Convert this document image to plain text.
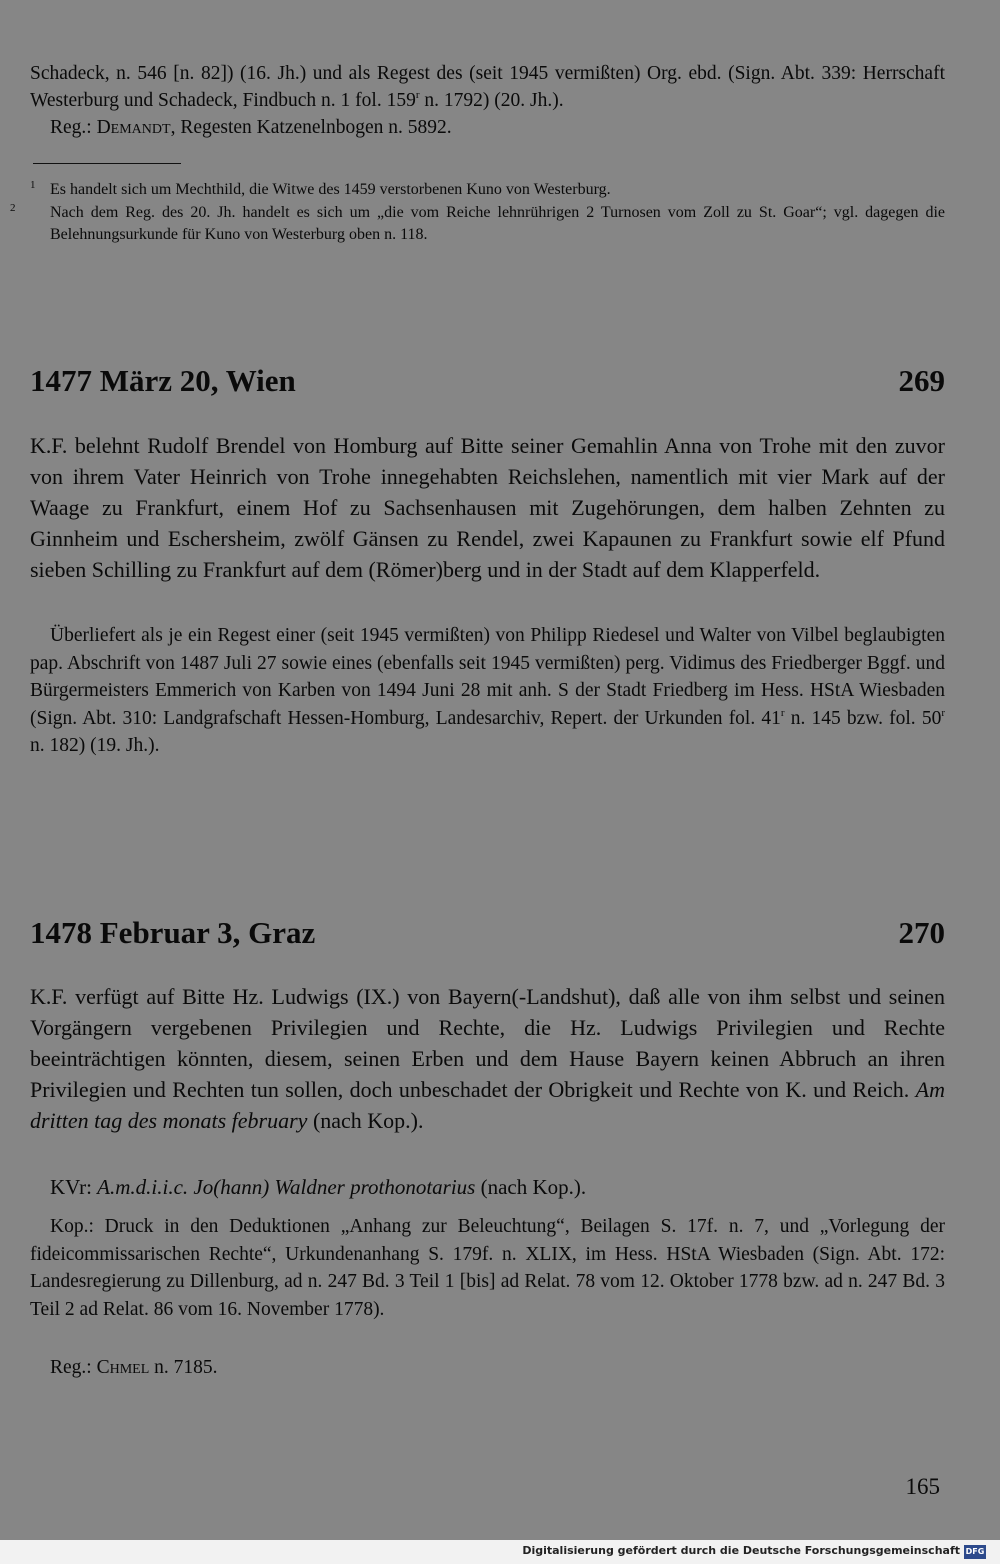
Schadeck, n. 546 [n. 82]) (16. Jh.) und als Regest des (seit 1945 vermißten) Org. ebd. (Sign. Abt. 339: Herrschaft Westerburg und Schadeck, Findbuch n. 1 fol. 159$^r$ n. 1792) (20. Jh.).

Reg.: Demandt, Regesten Katzenelnbogen n. 5892.

1 Es handelt sich um Mechthild, die Witwe des 1459 verstorbenen Kuno von Westerburg.
2 Nach dem Reg. des 20. Jh. handelt es sich um „die vom Reiche lehnrührigen 2 Turnosen vom Zoll zu St. Goar“; vgl. dagegen die Belehnungsurkunde für Kuno von Westerburg oben n. 118.
1477 März 20, Wien	269
K.F. belehnt Rudolf Brendel von Homburg auf Bitte seiner Gemahlin Anna von Trohe mit den zuvor von ihrem Vater Heinrich von Trohe innegehabten Reichslehen, namentlich mit vier Mark auf der Waage zu Frankfurt, einem Hof zu Sachsenhausen mit Zugehörungen, dem halben Zehnten zu Ginnheim und Eschersheim, zwölf Gänsen zu Rendel, zwei Kapaunen zu Frankfurt sowie elf Pfund sieben Schilling zu Frankfurt auf dem (Römer)berg und in der Stadt auf dem Klapperfeld.
Überliefert als je ein Regest einer (seit 1945 vermißten) von Philipp Riedesel und Walter von Vilbel beglaubigten pap. Abschrift von 1487 Juli 27 sowie eines (ebenfalls seit 1945 vermißten) perg. Vidimus des Friedberger Bggf. und Bürgermeisters Emmerich von Karben von 1494 Juni 28 mit anh. S der Stadt Friedberg im Hess. HStA Wiesbaden (Sign. Abt. 310: Landgrafschaft Hessen-Homburg, Landesarchiv, Repert. der Urkunden fol. 41$^r$ n. 145 bzw. fol. 50$^r$ n. 182) (19. Jh.).
1478 Februar 3, Graz	270
K.F. verfügt auf Bitte Hz. Ludwigs (IX.) von Bayern(-Landshut), daß alle von ihm selbst und seinen Vorgängern vergebenen Privilegien und Rechte, die Hz. Ludwigs Privilegien und Rechte beeinträchtigen könnten, diesem, seinen Erben und dem Hause Bayern keinen Abbruch an ihren Privilegien und Rechten tun sollen, doch unbeschadet der Obrigkeit und Rechte von K. und Reich. Am dritten tag des monats february (nach Kop.).
KVr: A.m.d.i.i.c. Jo(hann) Waldner prothonotarius (nach Kop.).
Kop.: Druck in den Deduktionen „Anhang zur Beleuchtung“, Beilagen S. 17f. n. 7, und „Vorlegung der fideicommissarischen Rechte“, Urkundenanhang S. 179f. n. XLIX, im Hess. HStA Wiesbaden (Sign. Abt. 172: Landesregierung zu Dillenburg, ad n. 247 Bd. 3 Teil 1 [bis] ad Relat. 78 vom 12. Oktober 1778 bzw. ad n. 247 Bd. 3 Teil 2 ad Relat. 86 vom 16. November 1778).
Reg.: Chmel n. 7185.
165
Digitalisierung gefördert durch die Deutsche Forschungsgemeinschaft DFG
